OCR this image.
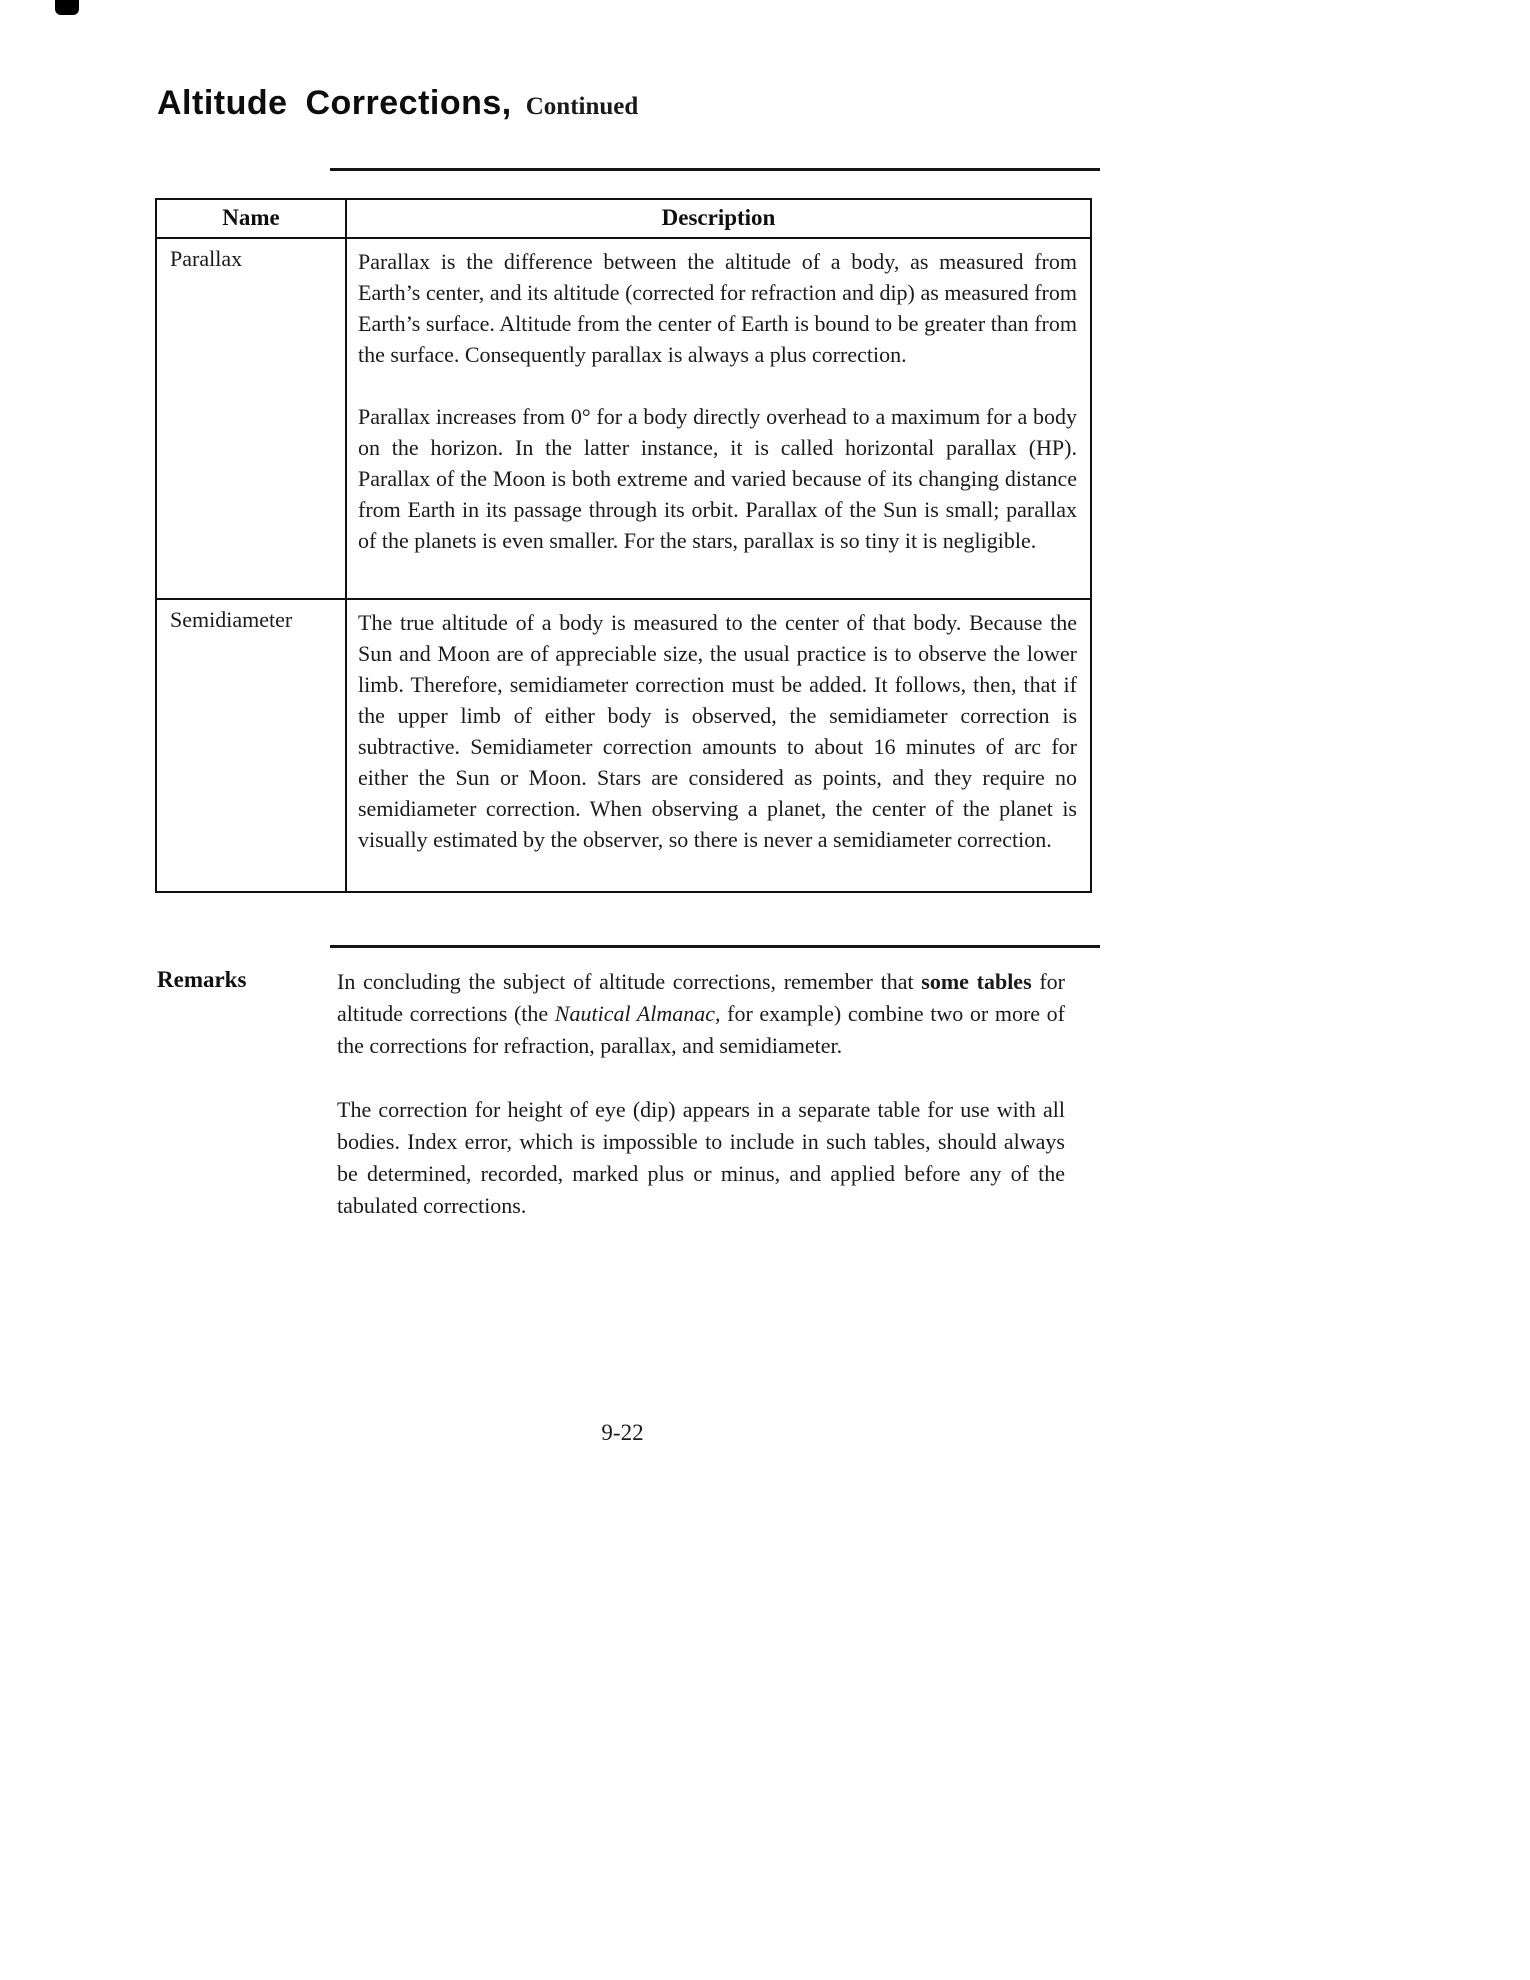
Altitude Corrections, Continued
Name	Description
Parallax	Parallax is the difference between the altitude of a body, as measured from Earth’s center, and its altitude (corrected for refraction and dip) as measured from Earth’s surface. Altitude from the center of Earth is bound to be greater than from the surface. Consequently parallax is always a plus correction.

Parallax increases from 0° for a body directly overhead to a maximum for a body on the horizon. In the latter instance, it is called horizontal parallax (HP). Parallax of the Moon is both extreme and varied because of its changing distance from Earth in its passage through its orbit. Parallax of the Sun is small; parallax of the planets is even smaller. For the stars, parallax is so tiny it is negligible.

Semidiameter	The true altitude of a body is measured to the center of that body. Because the Sun and Moon are of appreciable size, the usual practice is to observe the lower limb. Therefore, semidiameter correction must be added. It follows, then, that if the upper limb of either body is observed, the semidiameter correction is subtractive. Semidiameter correction amounts to about 16 minutes of arc for either the Sun or Moon. Stars are considered as points, and they require no semidiameter correction. When observing a planet, the center of the planet is visually estimated by the observer, so there is never a semidiameter correction.

Remarks	In concluding the subject of altitude corrections, remember that some tables for altitude corrections (the Nautical Almanac, for example) combine two or more of the corrections for refraction, parallax, and semidiameter.

The correction for height of eye (dip) appears in a separate table for use with all bodies. Index error, which is impossible to include in such tables, should always be determined, recorded, marked plus or minus, and applied before any of the tabulated corrections.

9-22
